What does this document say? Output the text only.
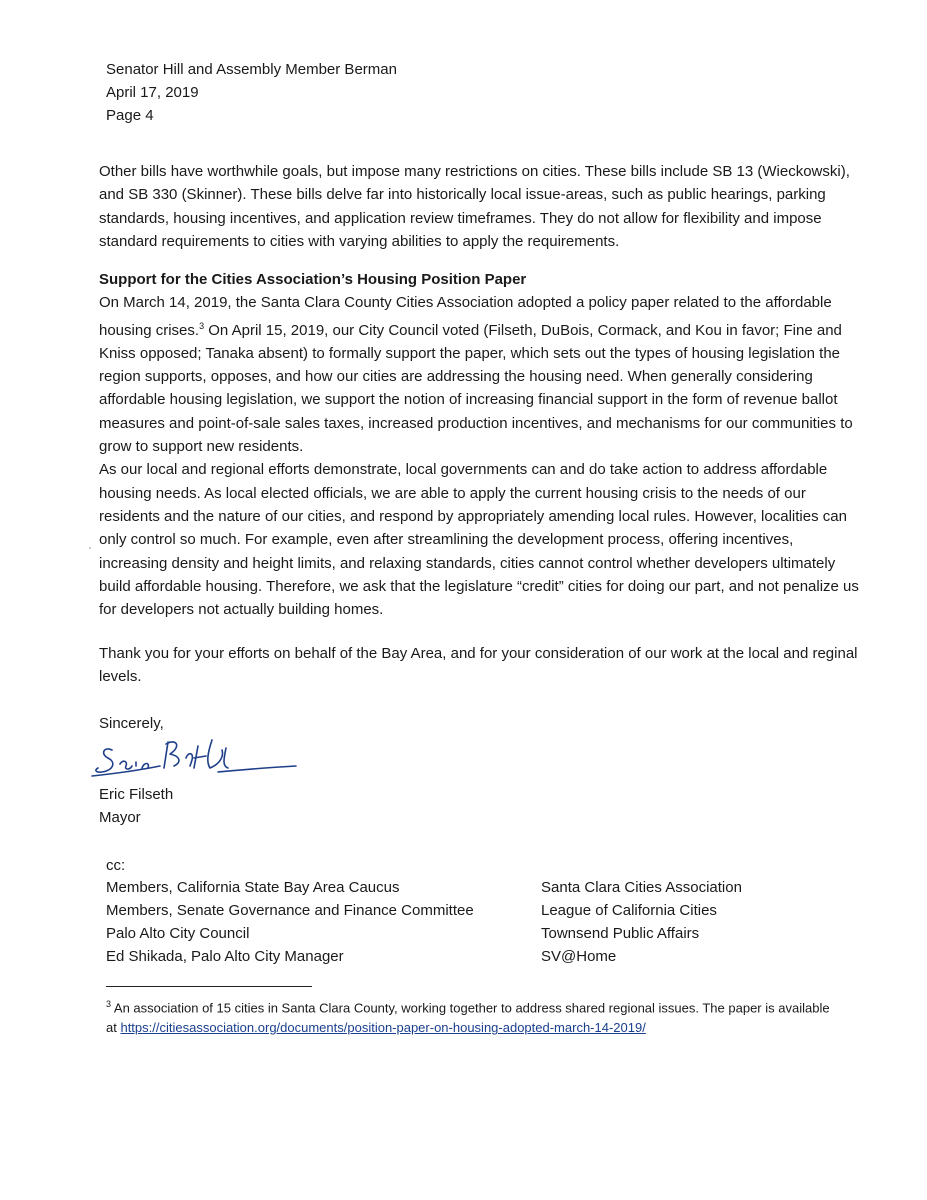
Senator Hill and Assembly Member Berman
April 17, 2019
Page 4
Other bills have worthwhile goals, but impose many restrictions on cities. These bills include SB 13 (Wieckowski), and SB 330 (Skinner). These bills delve far into historically local issue-areas, such as public hearings, parking standards, housing incentives, and application review timeframes. They do not allow for flexibility and impose standard requirements to cities with varying abilities to apply the requirements.
Support for the Cities Association’s Housing Position Paper
On March 14, 2019, the Santa Clara County Cities Association adopted a policy paper related to the affordable housing crises.$^3$ On April 15, 2019, our City Council voted (Filseth, DuBois, Cormack, and Kou in favor; Fine and Kniss opposed; Tanaka absent) to formally support the paper, which sets out the types of housing legislation the region supports, opposes, and how our cities are addressing the housing need. When generally considering affordable housing legislation, we support the notion of increasing financial support in the form of revenue ballot measures and point-of-sale sales taxes, increased production incentives, and mechanisms for our communities to grow to support new residents.
As our local and regional efforts demonstrate, local governments can and do take action to address affordable housing needs. As local elected officials, we are able to apply the current housing crisis to the needs of our residents and the nature of our cities, and respond by appropriately amending local rules. However, localities can only control so much. For example, even after streamlining the development process, offering incentives, increasing density and height limits, and relaxing standards, cities cannot control whether developers ultimately build affordable housing. Therefore, we ask that the legislature “credit” cities for doing our part, and not penalize us for developers not actually building homes.
Thank you for your efforts on behalf of the Bay Area, and for your consideration of our work at the local and reginal levels.
Sincerely,
Eric Filseth
Mayor
cc:
Members, California State Bay Area Caucus
Members, Senate Governance and Finance Committee
Palo Alto City Council
Ed Shikada, Palo Alto City Manager
Santa Clara Cities Association
League of California Cities
Townsend Public Affairs
SV@Home
$^3$ An association of 15 cities in Santa Clara County, working together to address shared regional issues. The paper is available at https://citiesassociation.org/documents/position-paper-on-housing-adopted-march-14-2019/
